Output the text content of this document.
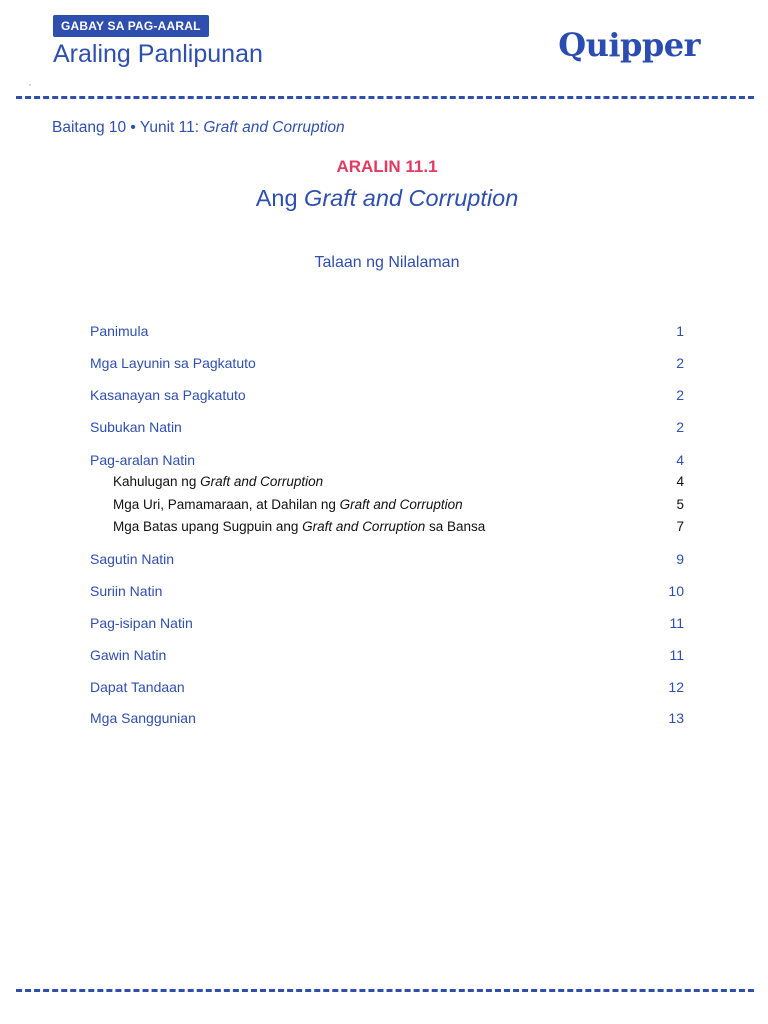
GABAY SA PAG-AARAL
Araling Panlipunan	Quipper
Baitang 10 • Yunit 11: Graft and Corruption
ARALIN 11.1
Ang Graft and Corruption
Talaan ng Nilalaman
Panimula	1
Mga Layunin sa Pagkatuto	2
Kasanayan sa Pagkatuto	2
Subukan Natin	2
Pag-aralan Natin	4
Kahulugan ng Graft and Corruption	4
Mga Uri, Pamamaraan, at Dahilan ng Graft and Corruption	5
Mga Batas upang Sugpuin ang Graft and Corruption sa Bansa	7
Sagutin Natin	9
Suriin Natin	10
Pag-isipan Natin	11
Gawin Natin	11
Dapat Tandaan	12
Mga Sanggunian	13
